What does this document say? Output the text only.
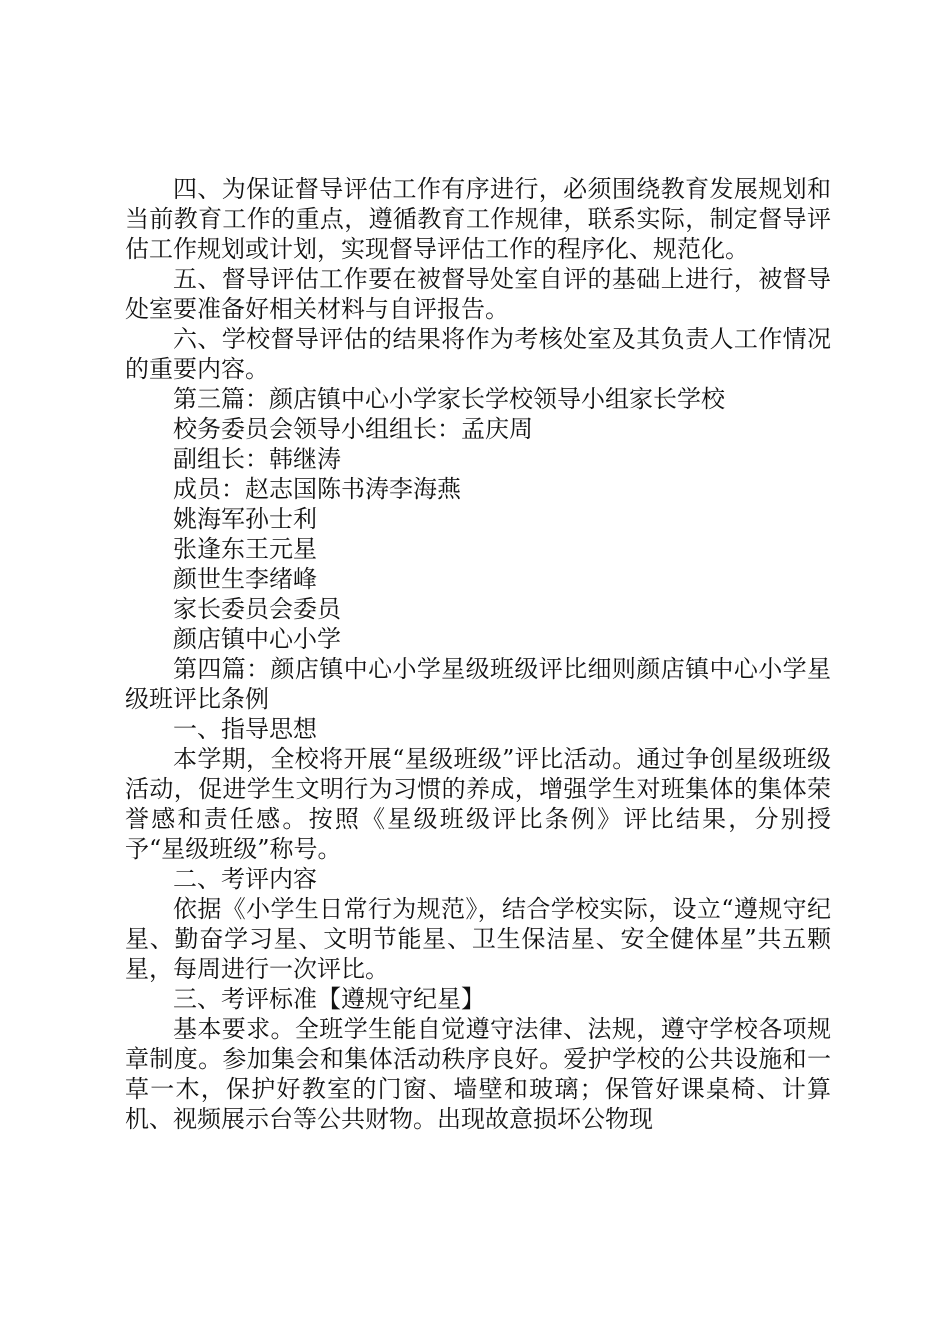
四、为保证督导评估工作有序进行，必须围绕教育发展规划和当前教育工作的重点，遵循教育工作规律，联系实际，制定督导评估工作规划或计划，实现督导评估工作的程序化、规范化。

五、督导评估工作要在被督导处室自评的基础上进行，被督导处室要准备好相关材料与自评报告。

六、学校督导评估的结果将作为考核处室及其负责人工作情况的重要内容。

第三篇：颜店镇中心小学家长学校领导小组家长学校

校务委员会领导小组组长：孟庆周

副组长：韩继涛

成员：赵志国陈书涛李海燕

姚海军孙士利

张逢东王元星

颜世生李绪峰

家长委员会委员

颜店镇中心小学

第四篇：颜店镇中心小学星级班级评比细则颜店镇中心小学星级班评比条例

一、指导思想

本学期，全校将开展“星级班级”评比活动。通过争创星级班级活动，促进学生文明行为习惯的养成，增强学生对班集体的集体荣誉感和责任感。按照《星级班级评比条例》评比结果，分别授予“星级班级”称号。

二、考评内容

依据《小学生日常行为规范》，结合学校实际，设立“遵规守纪星、勤奋学习星、文明节能星、卫生保洁星、安全健体星”共五颗星，每周进行一次评比。

三、考评标准【遵规守纪星】

基本要求。全班学生能自觉遵守法律、法规，遵守学校各项规章制度。参加集会和集体活动秩序良好。爱护学校的公共设施和一草一木，保护好教室的门窗、墙壁和玻璃；保管好课桌椅、计算机、视频展示台等公共财物。出现故意损坏公物现
